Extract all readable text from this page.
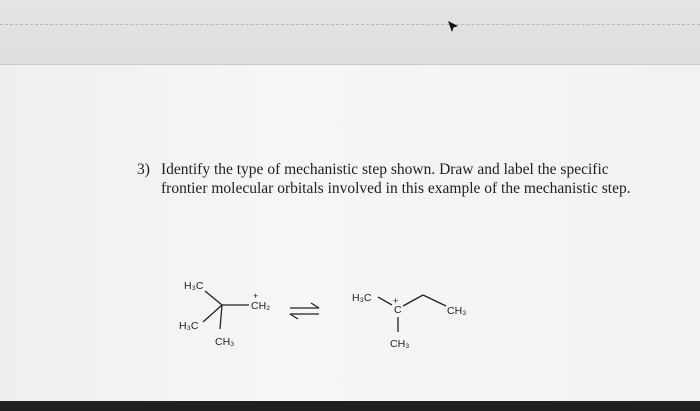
3) Identify the type of mechanistic step shown. Draw and label the specific
frontier molecular orbitals involved in this example of the mechanistic step.
H₃C
H₃C
CH₃
CH₂
+	H₃C
C
+
CH₃
CH₃
